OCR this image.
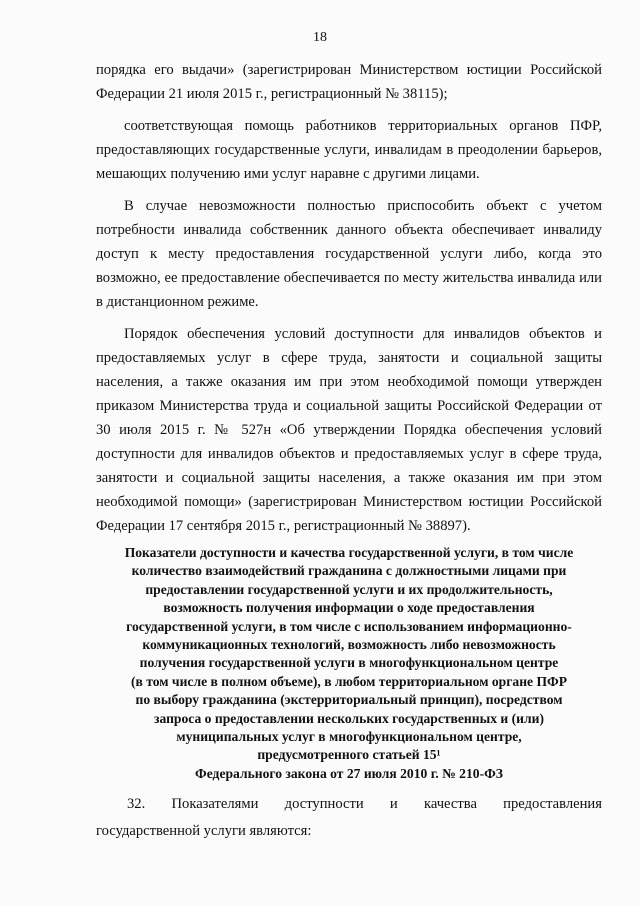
18

порядка его выдачи» (зарегистрирован Министерством юстиции Российской Федерации 21 июля 2015 г., регистрационный № 38115);

соответствующая помощь работников территориальных органов ПФР, предоставляющих государственные услуги, инвалидам в преодолении барьеров, мешающих получению ими услуг наравне с другими лицами.

В случае невозможности полностью приспособить объект с учетом потребности инвалида собственник данного объекта обеспечивает инвалиду доступ к месту предоставления государственной услуги либо, когда это возможно, ее предоставление обеспечивается по месту жительства инвалида или в дистанционном режиме.

Порядок обеспечения условий доступности для инвалидов объектов и предоставляемых услуг в сфере труда, занятости и социальной защиты населения, а также оказания им при этом необходимой помощи утвержден приказом Министерства труда и социальной защиты Российской Федерации от 30 июля 2015 г. № 527н «Об утверждении Порядка обеспечения условий доступности для инвалидов объектов и предоставляемых услуг в сфере труда, занятости и социальной защиты населения, а также оказания им при этом необходимой помощи» (зарегистрирован Министерством юстиции Российской Федерации 17 сентября 2015 г., регистрационный № 38897).

Показатели доступности и качества государственной услуги, в том числе
количество взаимодействий гражданина с должностными лицами при
предоставлении государственной услуги и их продолжительность,
возможность получения информации о ходе предоставления
государственной услуги, в том числе с использованием информационно-
коммуникационных технологий, возможность либо невозможность
получения государственной услуги в многофункциональном центре
(в том числе в полном объеме), в любом территориальном органе ПФР
по выбору гражданина (экстерриториальный принцип), посредством
запроса о предоставлении нескольких государственных и (или)
муниципальных услуг в многофункциональном центре,
предусмотренного статьей 15¹
Федерального закона от 27 июля 2010 г. № 210-ФЗ
32. Показателями доступности и качества предоставления
государственной услуги являются:
